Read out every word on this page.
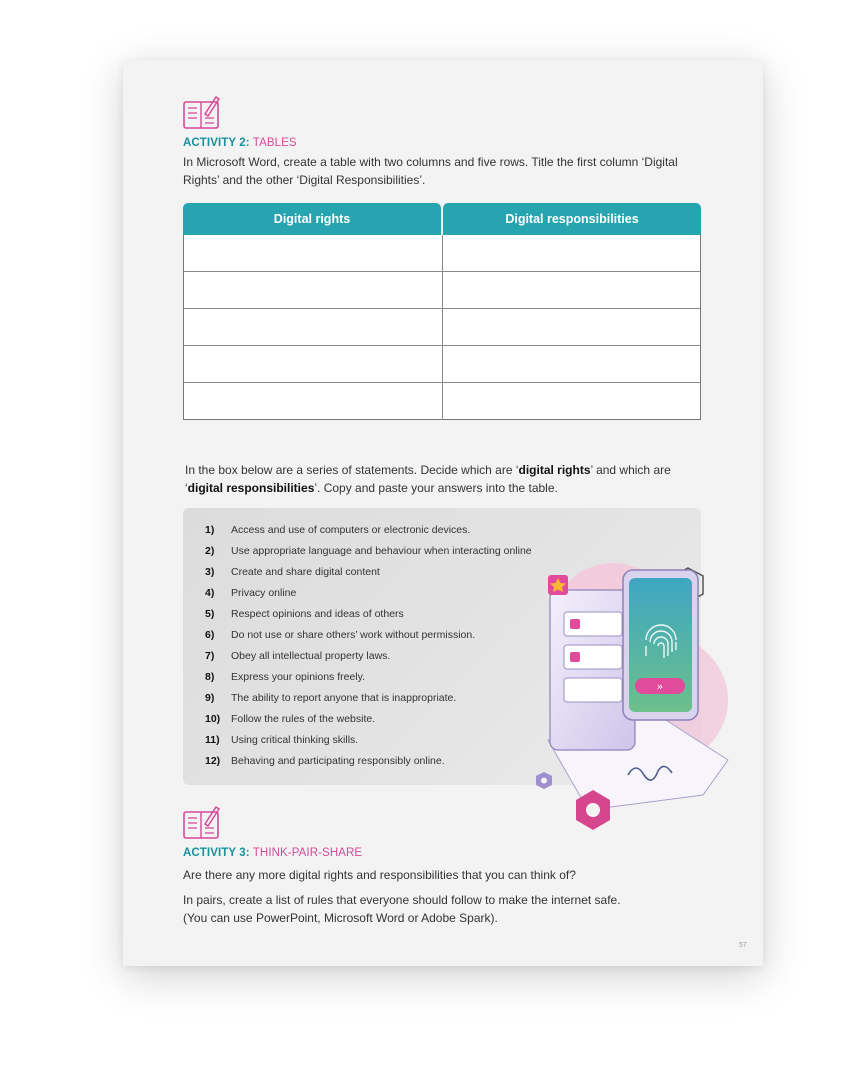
ACTIVITY 2: TABLES
In Microsoft Word, create a table with two columns and five rows. Title the first column ‘Digital Rights’ and the other ‘Digital Responsibilities’.
Digital rights	Digital responsibilities
In the box below are a series of statements. Decide which are ‘digital rights’ and which are ‘digital responsibilities’. Copy and paste your answers into the table.
1) Access and use of computers or electronic devices.
2) Use appropriate language and behaviour when interacting online
3) Create and share digital content
4) Privacy online
5) Respect opinions and ideas of others
6) Do not use or share others’ work without permission.
7) Obey all intellectual property laws.
8) Express your opinions freely.
9) The ability to report anyone that is inappropriate.
10) Follow the rules of the website.
11) Using critical thinking skills.
12) Behaving and participating responsibly online.
»
ACTIVITY 3: THINK-PAIR-SHARE
Are there any more digital rights and responsibilities that you can think of?
In pairs, create a list of rules that everyone should follow to make the internet safe.
(You can use PowerPoint, Microsoft Word or Adobe Spark).
57
